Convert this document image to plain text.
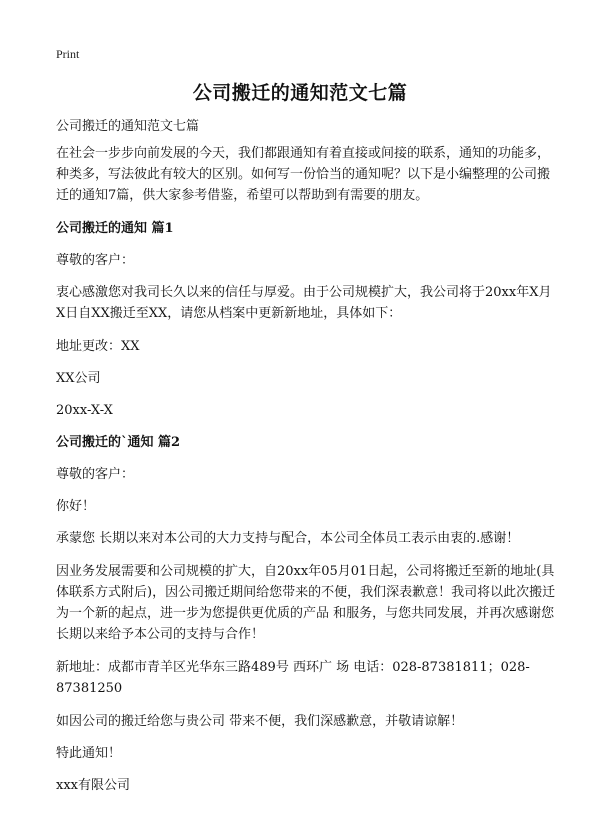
Print
公司搬迁的通知范文七篇

公司搬迁的通知范文七篇

在社会一步步向前发展的今天，我们都跟通知有着直接或间接的联系，通知的功能多，种类多，写法彼此有较大的区别。如何写一份恰当的通知呢？以下是小编整理的公司搬迁的通知7篇，供大家参考借鉴，希望可以帮助到有需要的朋友。

公司搬迁的通知 篇1

尊敬的客户：

衷心感激您对我司长久以来的信任与厚爱。由于公司规模扩大，我公司将于20xx年X月X日自XX搬迁至XX，请您从档案中更新新地址，具体如下：

地址更改：XX

XX公司

20xx-X-X

公司搬迁的`通知 篇2

尊敬的客户：

你好！

承蒙您 长期以来对本公司的大力支持与配合，本公司全体员工表示由衷的.感谢！

因业务发展需要和公司规模的扩大，自20xx年05月01日起，公司将搬迁至新的地址(具体联系方式附后)，因公司搬迁期间给您带来的不便，我们深表歉意！我司将以此次搬迁为一个新的起点，进一步为您提供更优质的产品 和服务，与您共同发展，并再次感谢您长期以来给予本公司的支持与合作！

新地址：成都市青羊区光华东三路489号 西环广 场 电话：028-87381811；028-87381250

如因公司的搬迁给您与贵公司 带来不便，我们深感歉意，并敬请谅解！

特此通知！

xxx有限公司
